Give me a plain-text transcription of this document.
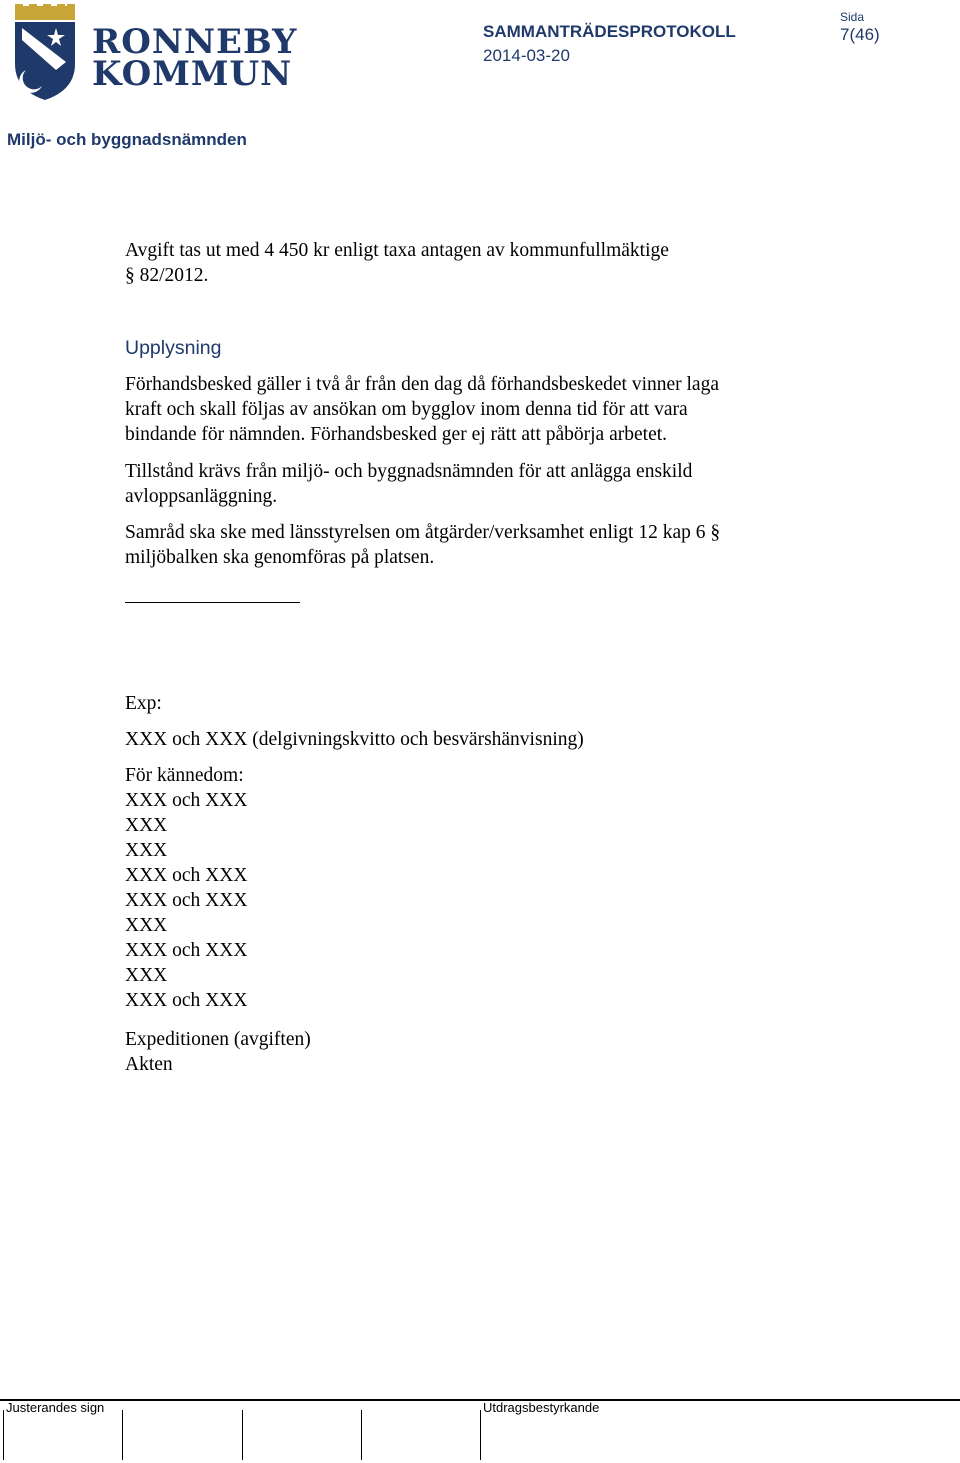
RONNEBY
KOMMUN
SAMMANTRÄDESPROTOKOLL
2014-03-20
Sida
7(46)
Miljö- och byggnadsnämnden
Avgift tas ut med 4 450 kr enligt taxa antagen av kommunfullmäktige
§ 82/2012.
Upplysning
Förhandsbesked gäller i två år från den dag då förhandsbeskedet vinner laga
kraft och skall följas av ansökan om bygglov inom denna tid för att vara
bindande för nämnden. Förhandsbesked ger ej rätt att påbörja arbetet.
Tillstånd krävs från miljö- och byggnadsnämnden för att anlägga enskild
avloppsanläggning.
Samråd ska ske med länsstyrelsen om åtgärder/verksamhet enligt 12 kap 6 §
miljöbalken ska genomföras på platsen.
Exp:
XXX och XXX (delgivningskvitto och besvärshänvisning)
För kännedom:
XXX och XXX
XXX
XXX
XXX och XXX
XXX och XXX
XXX
XXX och XXX
XXX
XXX och XXX
Expeditionen (avgiften)
Akten
Justerandes sign	Utdragsbestyrkande
